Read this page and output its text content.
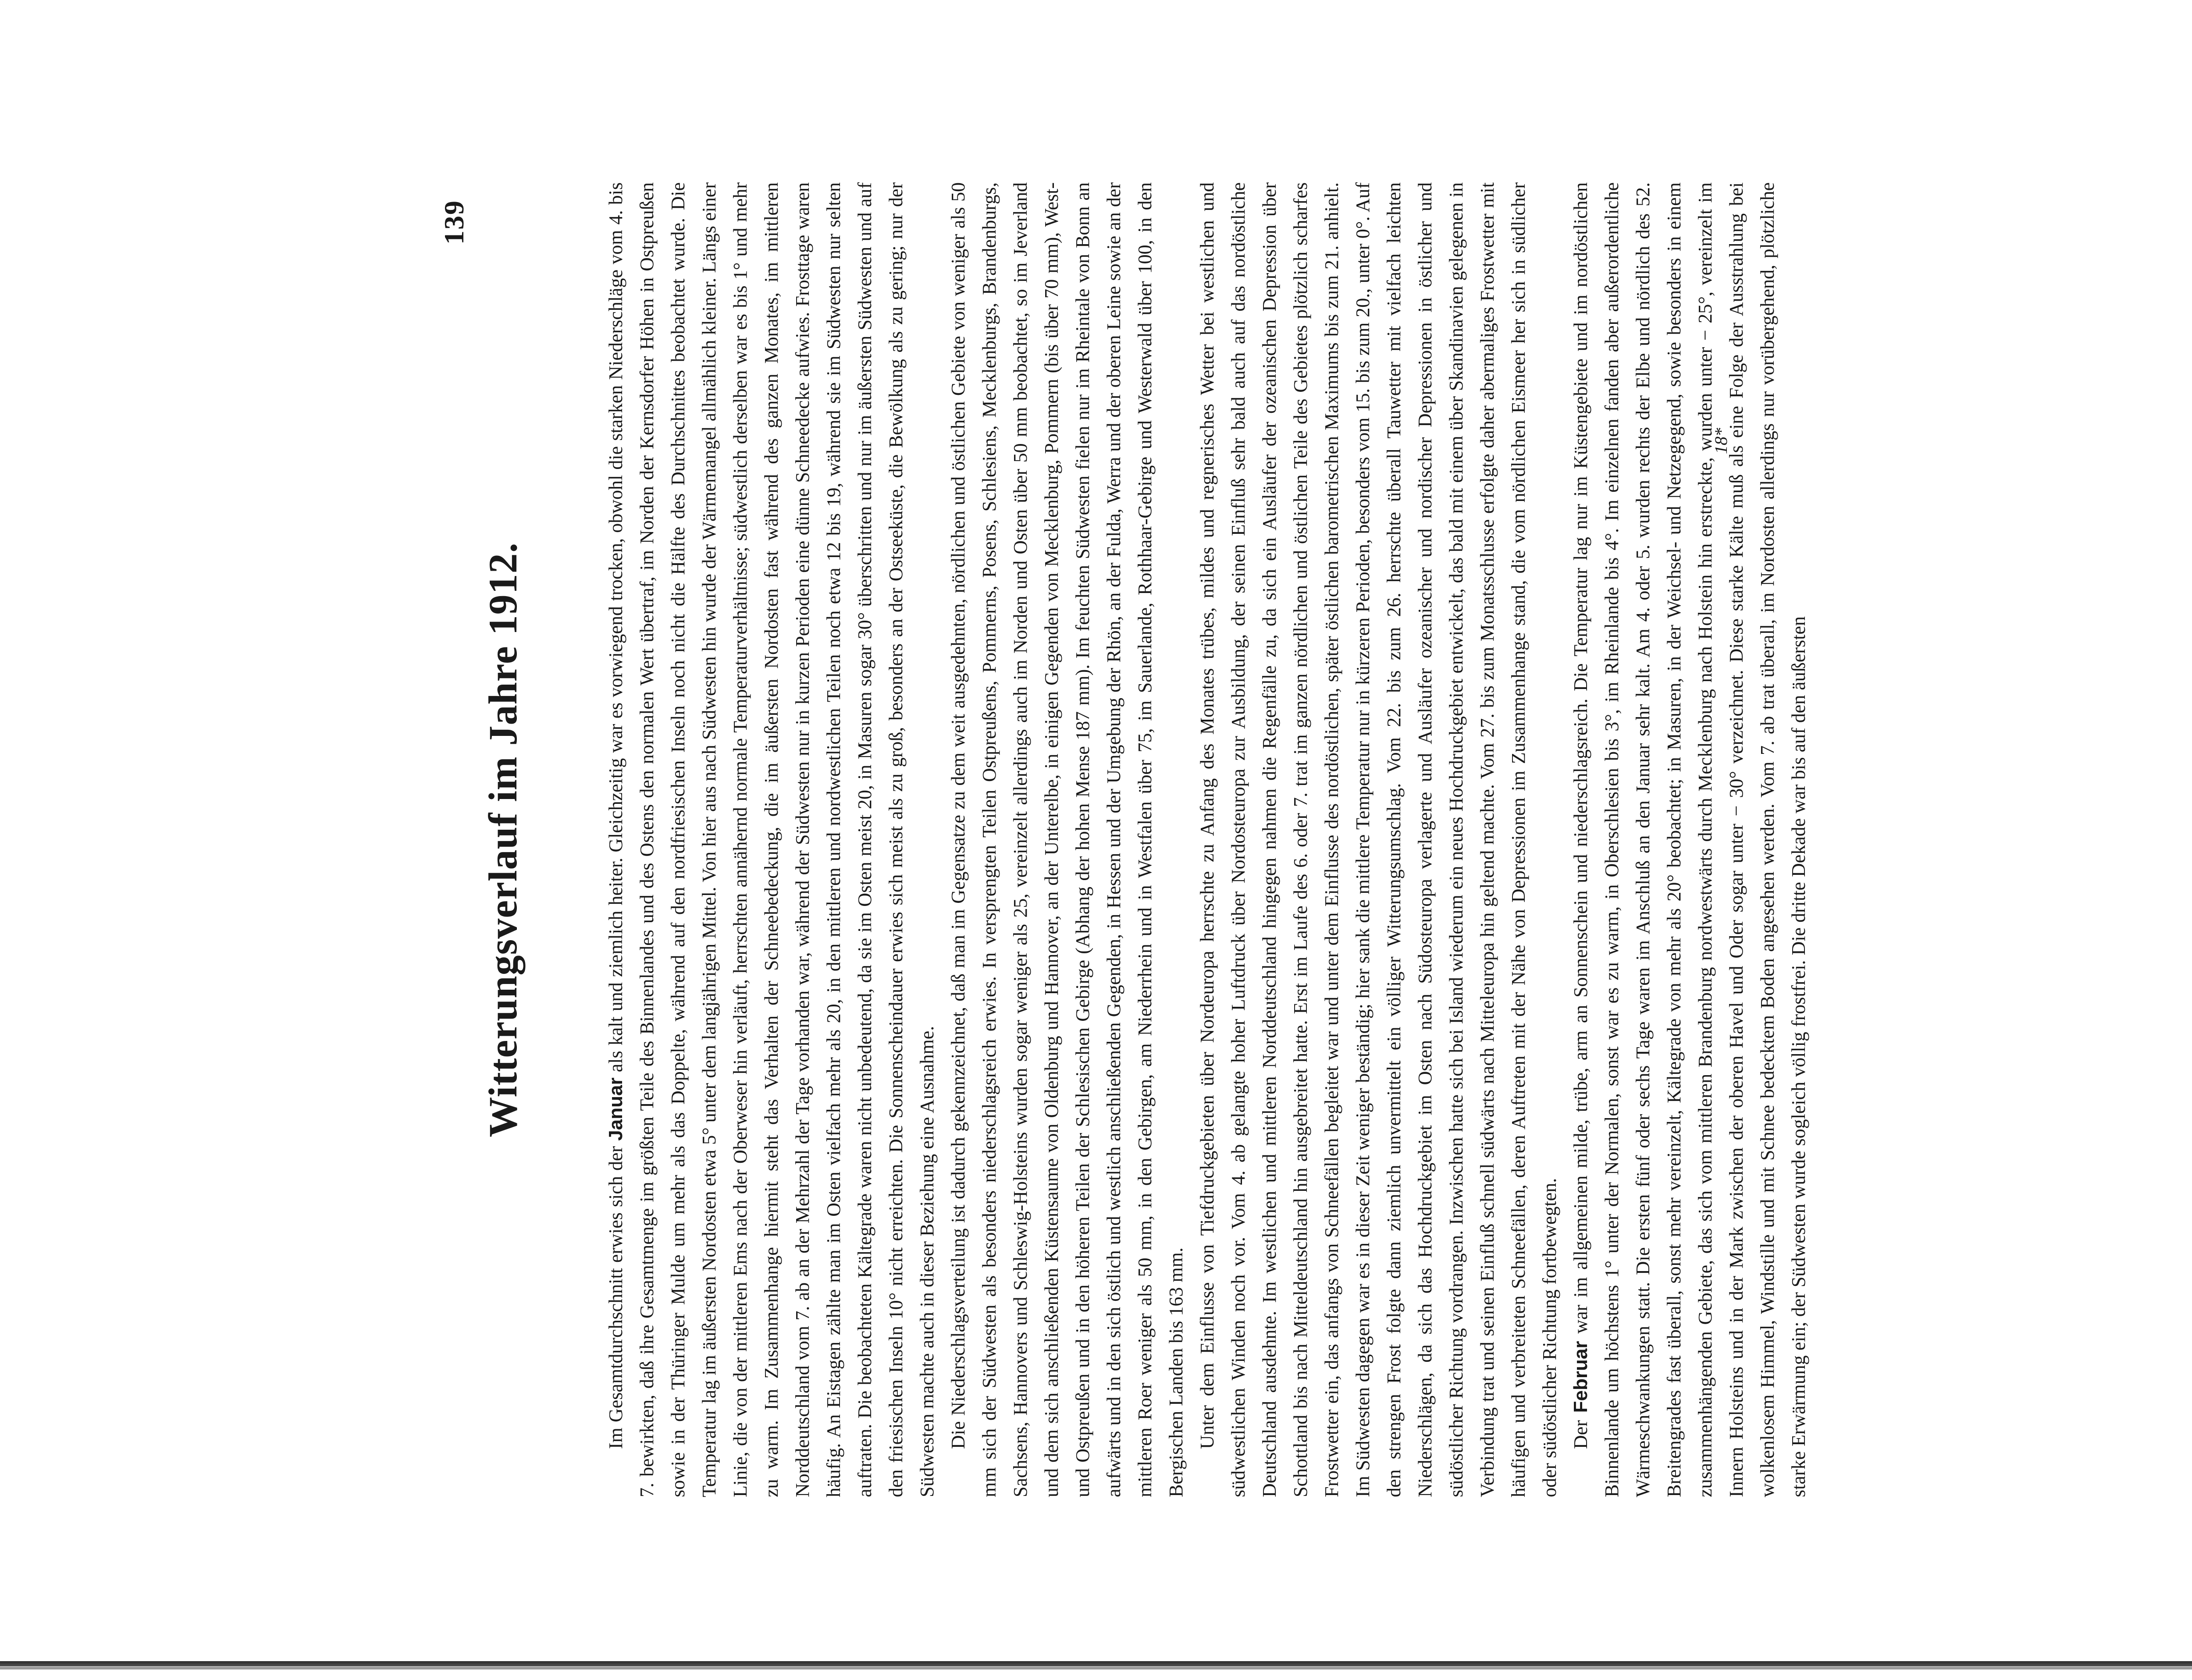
139
Witterungsverlauf im Jahre 1912.

Im Gesamtdurchschnitt erwies sich der Januar als kalt und ziemlich heiter. Gleichzeitig war es vorwiegend trocken, obwohl die starken Niederschläge vom 4. bis 7. bewirkten, daß ihre Gesamtmenge im größten Teile des Binnenlandes und des Ostens den normalen Wert übertraf, im Norden der Kernsdorfer Höhen in Ostpreußen sowie in der Thüringer Mulde um mehr als das Doppelte, während auf den nordfriesischen Inseln noch nicht die Hälfte des Durchschnittes beobachtet wurde. Die Temperatur lag im äußersten Nordosten etwa 5° unter dem langjährigen Mittel. Von hier aus nach Südwesten hin wurde der Wärmemangel allmählich kleiner. Längs einer Linie, die von der mittleren Ems nach der Oberweser hin verläuft, herrschten annähernd normale Temperaturverhältnisse; südwestlich derselben war es bis 1° und mehr zu warm. Im Zusammenhange hiermit steht das Verhalten der Schneebedeckung, die im äußersten Nordosten fast während des ganzen Monates, im mittleren Norddeutschland vom 7. ab an der Mehrzahl der Tage vorhanden war, während der Südwesten nur in kurzen Perioden eine dünne Schneedecke aufwies. Frosttage waren häufig. An Eistagen zählte man im Osten vielfach mehr als 20, in den mittleren und nordwestlichen Teilen noch etwa 12 bis 19, während sie im Südwesten nur selten auftraten. Die beobachteten Kältegrade waren nicht unbedeutend, da sie im Osten meist 20, in Masuren sogar 30° überschritten und nur im äußersten Südwesten und auf den friesischen Inseln 10° nicht erreichten. Die Sonnenscheindauer erwies sich meist als zu groß, besonders an der Ostseeküste, die Bewölkung als zu gering; nur der Südwesten machte auch in dieser Beziehung eine Ausnahme. Die Niederschlagsverteilung ist dadurch gekennzeichnet, daß man im Gegensatze zu dem weit ausgedehnten, nördlichen und östlichen Gebiete von weniger als 50 mm sich der Südwesten als besonders niederschlagsreich erwies. In versprengten Teilen Ostpreußens, Pommerns, Posens, Schlesiens, Mecklenburgs, Brandenburgs, Sachsens, Hannovers und Schleswig-Holsteins wurden sogar weniger als 25, vereinzelt allerdings auch im Norden und Osten über 50 mm beobachtet, so im Jeverland und dem sich anschließenden Küstensaume von Oldenburg und Hannover, an der Unterelbe, in einigen Gegenden von Mecklenburg, Pommern (bis über 70 mm), West- und Ostpreußen und in den höheren Teilen der Schlesischen Gebirge (Abhang der hohen Mense 187 mm). Im feuchten Südwesten fielen nur im Rheintale von Bonn an aufwärts und in den sich östlich und westlich anschließenden Gegenden, in Hessen und der Umgebung der Rhön, an der Fulda, Werra und der oberen Leine sowie an der mittleren Roer weniger als 50 mm, in den Gebirgen, am Niederrhein und in Westfalen über 75, im Sauerlande, Rothhaar-Gebirge und Westerwald über 100, in den Bergischen Landen bis 163 mm. Unter dem Einflusse von Tiefdruckgebieten über Nordeuropa herrschte zu Anfang des Monates trübes, mildes und regnerisches Wetter bei westlichen und südwestlichen Winden noch vor. Vom 4. ab gelangte hoher Luftdruck über Nordosteuropa zur Ausbildung, der seinen Einfluß sehr bald auch auf das nordöstliche Deutschland ausdehnte. Im westlichen und mittleren Norddeutschland hingegen nahmen die Regenfälle zu, da sich ein Ausläufer der ozeanischen Depression über Schottland bis nach Mitteldeutschland hin ausgebreitet hatte. Erst im Laufe des 6. oder 7. trat im ganzen nördlichen und östlichen Teile des Gebietes plötzlich scharfes Frostwetter ein, das anfangs von Schneefällen begleitet war und unter dem Einflusse des nordöstlichen, später östlichen barometrischen Maximums bis zum 21. anhielt. Im Südwesten dagegen war es in dieser Zeit weniger beständig; hier sank die mittlere Temperatur nur in kürzeren Perioden, besonders vom 15. bis zum 20., unter 0°. Auf den strengen Frost folgte dann ziemlich unvermittelt ein völliger Witterungsumschlag. Vom 22. bis zum 26. herrschte überall Tauwetter mit vielfach leichten Niederschlägen, da sich das Hochdruckgebiet im Osten nach Südosteuropa verlagerte und Ausläufer ozeanischer und nordischer Depressionen in östlicher und südöstlicher Richtung vordrangen. Inzwischen hatte sich bei Island wiederum ein neues Hochdruckgebiet entwickelt, das bald mit einem über Skandinavien gelegenen in Verbindung trat und seinen Einfluß schnell südwärts nach Mitteleuropa hin geltend machte. Vom 27. bis zum Monatsschlusse erfolgte daher abermaliges Frostwetter mit häufigen und verbreiteten Schneefällen, deren Auftreten mit der Nähe von Depressionen im Zusammenhange stand, die vom nördlichen Eismeer her sich in südlicher oder südöstlicher Richtung fortbewegten. Der Februar war im allgemeinen milde, trübe, arm an Sonnenschein und niederschlagsreich. Die Temperatur lag nur im Küstengebiete und im nordöstlichen Binnenlande um höchstens 1° unter der Normalen, sonst war es zu warm, in Oberschlesien bis 3°, im Rheinlande bis 4°. Im einzelnen fanden aber außerordentliche Wärmeschwankungen statt. Die ersten fünf oder sechs Tage waren im Anschluß an den Januar sehr kalt. Am 4. oder 5. wurden rechts der Elbe und nördlich des 52. Breitengrades fast überall, sonst mehr vereinzelt, Kältegrade von mehr als 20° beobachtet; in Masuren, in der Weichsel- und Netzegegend, sowie besonders in einem zusammenhängenden Gebiete, das sich vom mittleren Brandenburg nordwestwärts durch Mecklenburg nach Holstein hin erstreckte, wurden unter − 25°, vereinzelt im Innern Holsteins und in der Mark zwischen der oberen Havel und Oder sogar unter − 30° verzeichnet. Diese starke Kälte muß als eine Folge der Ausstrahlung bei wolkenlosem Himmel, Windstille und mit Schnee bedecktem Boden angesehen werden. Vom 7. ab trat überall, im Nordosten allerdings nur vorübergehend, plötzliche starke Erwärmung ein; der Südwesten wurde sogleich völlig frostfrei. Die dritte Dekade war bis auf den äußersten

18*
